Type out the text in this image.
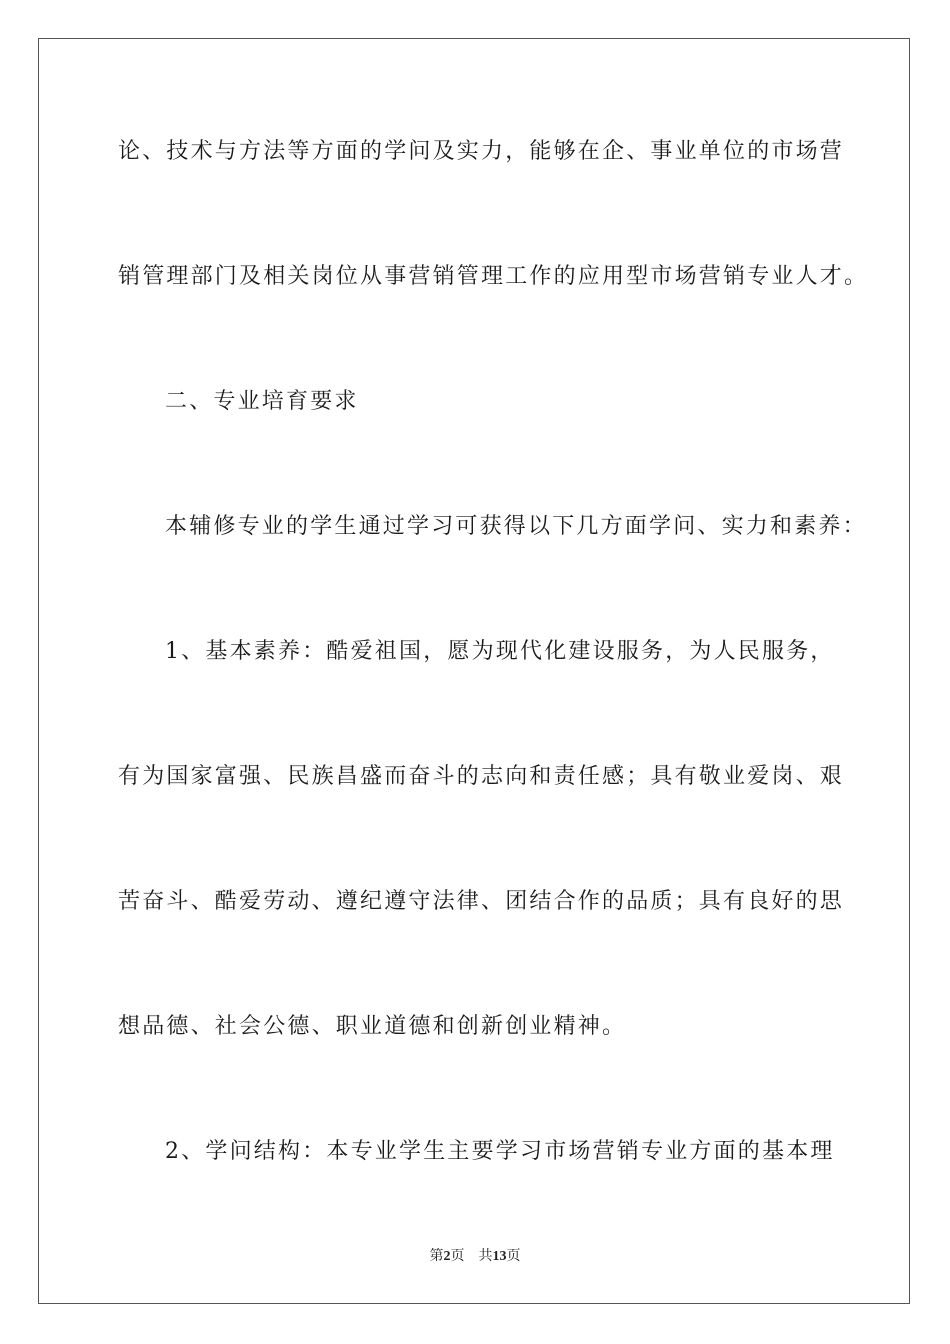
论、技术与方法等方面的学问及实力，能够在企、事业单位的市场营
销管理部门及相关岗位从事营销管理工作的应用型市场营销专业人才。
二、专业培育要求
本辅修专业的学生通过学习可获得以下几方面学问、实力和素养：
1、基本素养：酷爱祖国，愿为现代化建设服务，为人民服务，
有为国家富强、民族昌盛而奋斗的志向和责任感；具有敬业爱岗、艰
苦奋斗、酷爱劳动、遵纪遵守法律、团结合作的品质；具有良好的思
想品德、社会公德、职业道德和创新创业精神。
2、学问结构：本专业学生主要学习市场营销专业方面的基本理
第2页 共13页
